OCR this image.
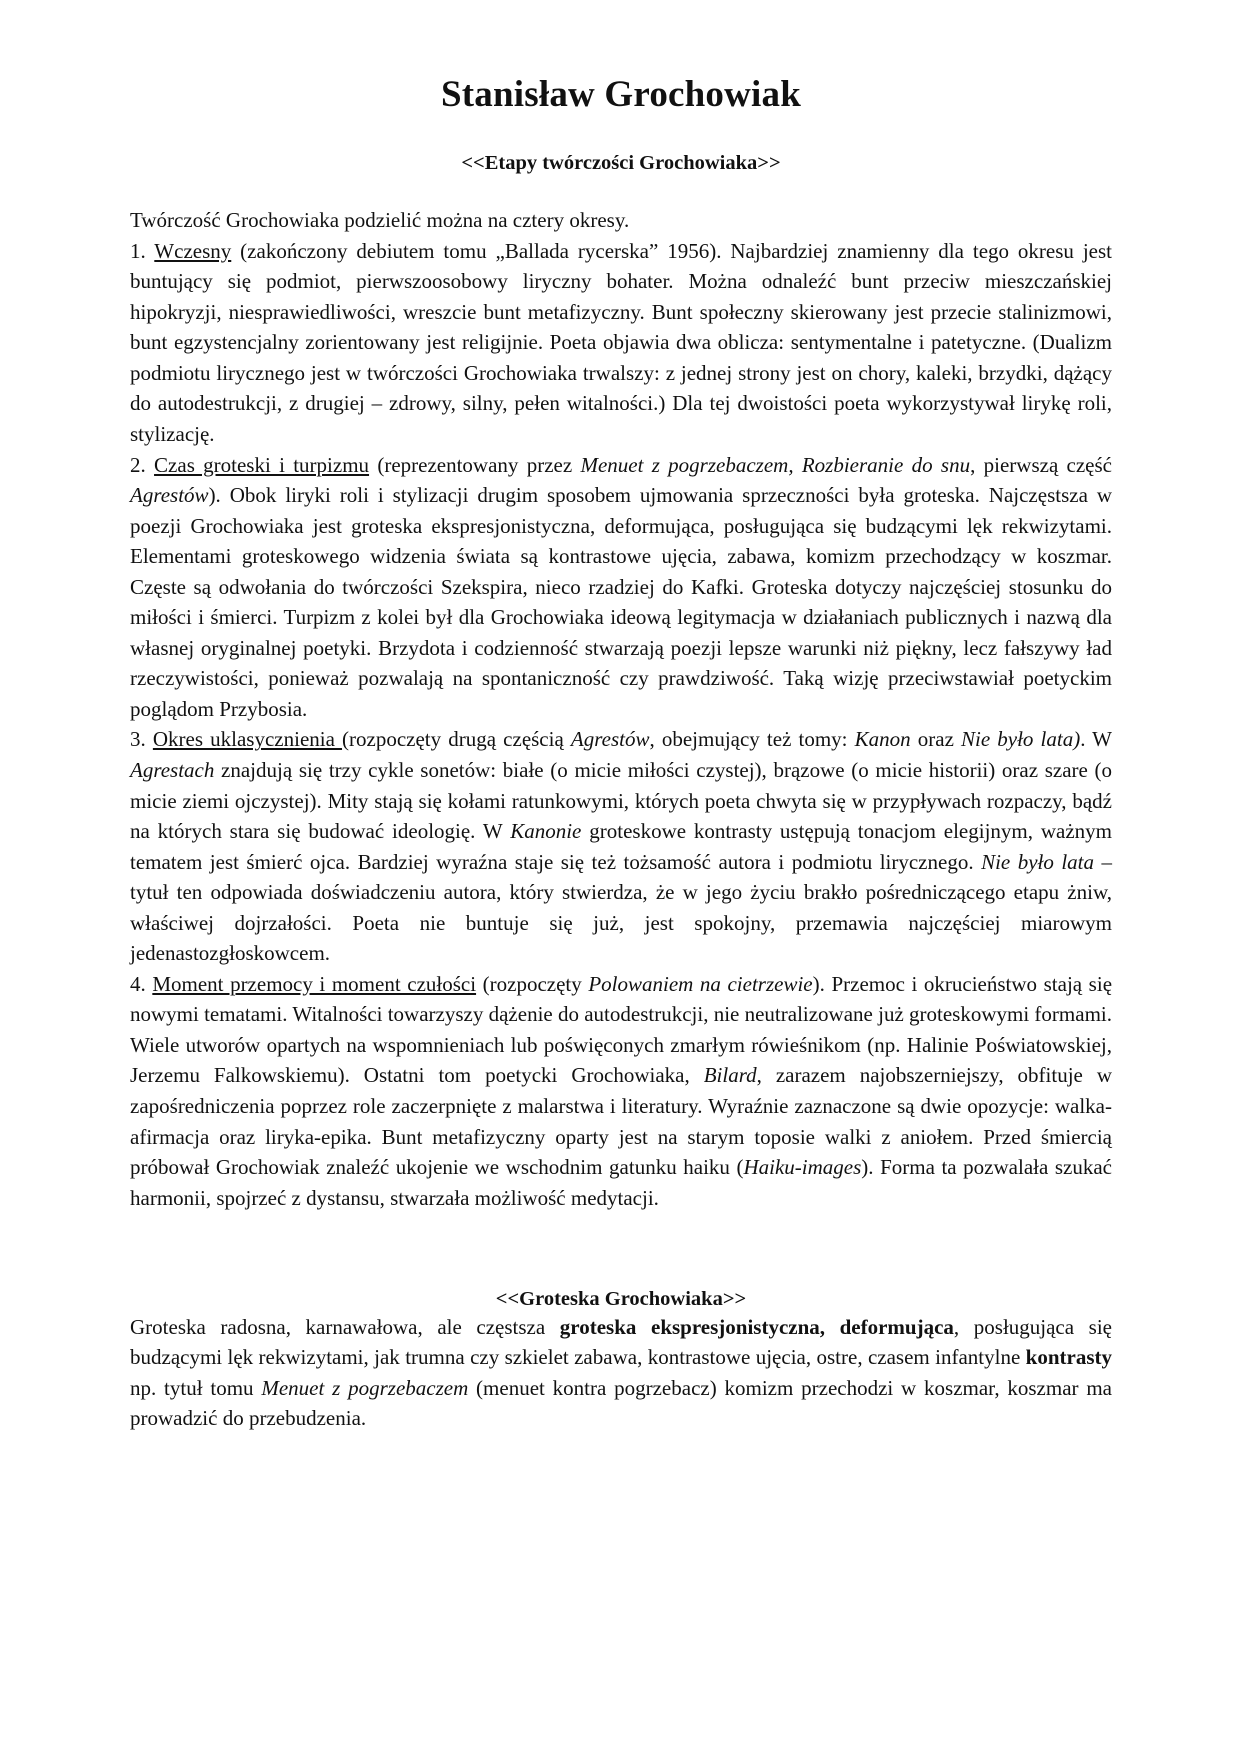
Stanisław Grochowiak
<<Etapy twórczości Grochowiaka>>

Twórczość Grochowiaka podzielić można na cztery okresy.

1. Wczesny (zakończony debiutem tomu „Ballada rycerska” 1956). Najbardziej znamienny dla tego okresu jest buntujący się podmiot, pierwszoosobowy liryczny bohater. Można odnaleźć bunt przeciw mieszczańskiej hipokryzji, niesprawiedliwości, wreszcie bunt metafizyczny. Bunt społeczny skierowany jest przecie stalinizmowi, bunt egzystencjalny zorientowany jest religijnie. Poeta objawia dwa oblicza: sentymentalne i patetyczne. (Dualizm podmiotu lirycznego jest w twórczości Grochowiaka trwalszy: z jednej strony jest on chory, kaleki, brzydki, dążący do autodestrukcji, z drugiej – zdrowy, silny, pełen witalności.) Dla tej dwoistości poeta wykorzystywał lirykę roli, stylizację.

2. Czas groteski i turpizmu (reprezentowany przez Menuet z pogrzebaczem, Rozbieranie do snu, pierwszą część Agrestów). Obok liryki roli i stylizacji drugim sposobem ujmowania sprzeczności była groteska. Najczęstsza w poezji Grochowiaka jest groteska ekspresjonistyczna, deformująca, posługująca się budzącymi lęk rekwizytami. Elementami groteskowego widzenia świata są kontrastowe ujęcia, zabawa, komizm przechodzący w koszmar. Częste są odwołania do twórczości Szekspira, nieco rzadziej do Kafki. Groteska dotyczy najczęściej stosunku do miłości i śmierci. Turpizm z kolei był dla Grochowiaka ideową legitymacja w działaniach publicznych i nazwą dla własnej oryginalnej poetyki. Brzydota i codzienność stwarzają poezji lepsze warunki niż piękny, lecz fałszywy ład rzeczywistości, ponieważ pozwalają na spontaniczność czy prawdziwość. Taką wizję przeciwstawiał poetyckim poglądom Przybosia.

3. Okres uklasycznienia (rozpoczęty drugą częścią Agrestów, obejmujący też tomy: Kanon oraz Nie było lata). W Agrestach znajdują się trzy cykle sonetów: białe (o micie miłości czystej), brązowe (o micie historii) oraz szare (o micie ziemi ojczystej). Mity stają się kołami ratunkowymi, których poeta chwyta się w przypływach rozpaczy, bądź na których stara się budować ideologię. W Kanonie groteskowe kontrasty ustępują tonacjom elegijnym, ważnym tematem jest śmierć ojca. Bardziej wyraźna staje się też tożsamość autora i podmiotu lirycznego. Nie było lata – tytuł ten odpowiada doświadczeniu autora, który stwierdza, że w jego życiu brakło pośredniczącego etapu żniw, właściwej dojrzałości. Poeta nie buntuje się już, jest spokojny, przemawia najczęściej miarowym jedenastozgłoskowcem.

4. Moment przemocy i moment czułości (rozpoczęty Polowaniem na cietrzewie). Przemoc i okrucieństwo stają się nowymi tematami. Witalności towarzyszy dążenie do autodestrukcji, nie neutralizowane już groteskowymi formami. Wiele utworów opartych na wspomnieniach lub poświęconych zmarłym rówieśnikom (np. Halinie Poświatowskiej, Jerzemu Falkowskiemu). Ostatni tom poetycki Grochowiaka, Bilard, zarazem najobszerniejszy, obfituje w zapośredniczenia poprzez role zaczerpnięte z malarstwa i literatury. Wyraźnie zaznaczone są dwie opozycje: walka-afirmacja oraz liryka-epika. Bunt metafizyczny oparty jest na starym toposie walki z aniołem. Przed śmiercią próbował Grochowiak znaleźć ukojenie we wschodnim gatunku haiku (Haiku-images). Forma ta pozwalała szukać harmonii, spojrzeć z dystansu, stwarzała możliwość medytacji.

<<Groteska Grochowiaka>>

Groteska radosna, karnawałowa, ale częstsza groteska ekspresjonistyczna, deformująca, posługująca się budzącymi lęk rekwizytami, jak trumna czy szkielet zabawa, kontrastowe ujęcia, ostre, czasem infantylne kontrasty np. tytuł tomu Menuet z pogrzebaczem (menuet kontra pogrzebacz) komizm przechodzi w koszmar, koszmar ma prowadzić do przebudzenia.
